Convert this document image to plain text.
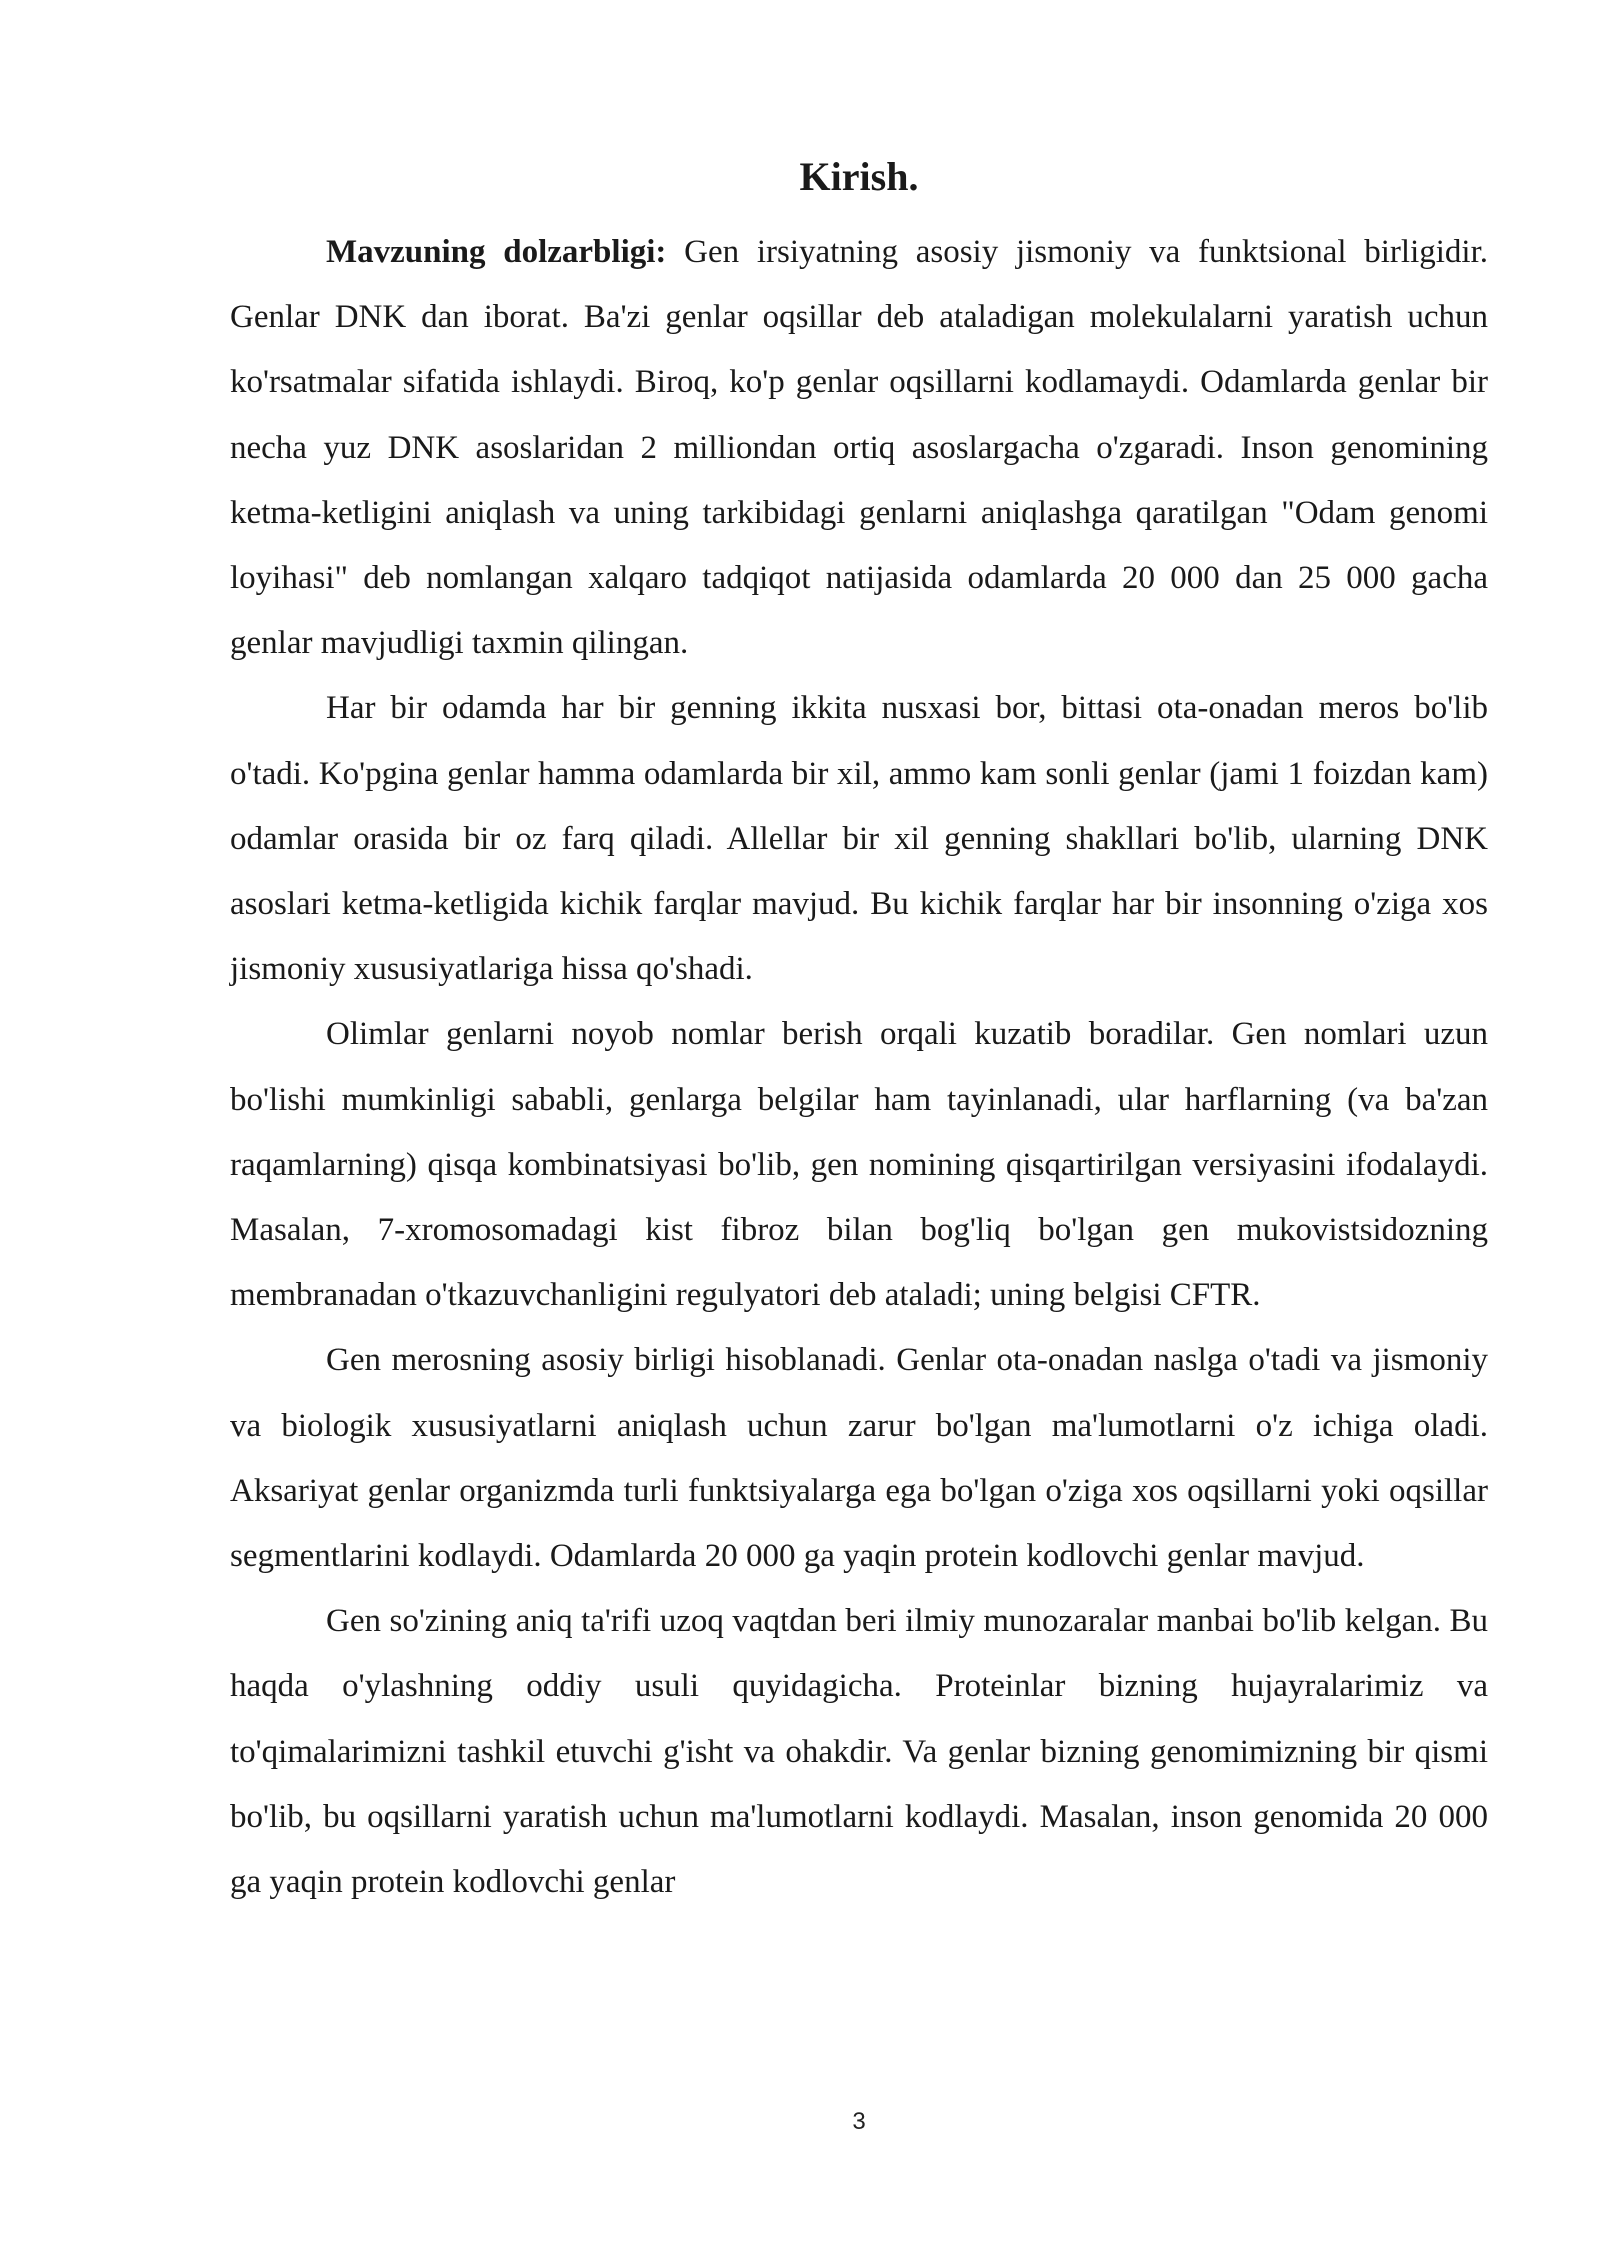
Kirish.

Mavzuning dolzarbligi: Gen irsiyatning asosiy jismoniy va funktsional birligidir. Genlar DNK dan iborat. Ba'zi genlar oqsillar deb ataladigan molekulalarni yaratish uchun ko'rsatmalar sifatida ishlaydi. Biroq, ko'p genlar oqsillarni kodlamaydi. Odamlarda genlar bir necha yuz DNK asoslaridan 2 milliondan ortiq asoslargacha o'zgaradi. Inson genomining ketma-ketligini aniqlash va uning tarkibidagi genlarni aniqlashga qaratilgan "Odam genomi loyihasi" deb nomlangan xalqaro tadqiqot natijasida odamlarda 20 000 dan 25 000 gacha genlar mavjudligi taxmin qilingan.

Har bir odamda har bir genning ikkita nusxasi bor, bittasi ota-onadan meros bo'lib o'tadi. Ko'pgina genlar hamma odamlarda bir xil, ammo kam sonli genlar (jami 1 foizdan kam) odamlar orasida bir oz farq qiladi. Allellar bir xil genning shakllari bo'lib, ularning DNK asoslari ketma-ketligida kichik farqlar mavjud. Bu kichik farqlar har bir insonning o'ziga xos jismoniy xususiyatlariga hissa qo'shadi.

Olimlar genlarni noyob nomlar berish orqali kuzatib boradilar. Gen nomlari uzun bo'lishi mumkinligi sababli, genlarga belgilar ham tayinlanadi, ular harflarning (va ba'zan raqamlarning) qisqa kombinatsiyasi bo'lib, gen nomining qisqartirilgan versiyasini ifodalaydi. Masalan, 7-xromosomadagi kist fibroz bilan bog'liq bo'lgan gen mukovistsidozning membranadan o'tkazuvchanligini regulyatori deb ataladi; uning belgisi CFTR.

Gen merosning asosiy birligi hisoblanadi. Genlar ota-onadan naslga o'tadi va jismoniy va biologik xususiyatlarni aniqlash uchun zarur bo'lgan ma'lumotlarni o'z ichiga oladi. Aksariyat genlar organizmda turli funktsiyalarga ega bo'lgan o'ziga xos oqsillarni yoki oqsillar segmentlarini kodlaydi. Odamlarda 20 000 ga yaqin protein kodlovchi genlar mavjud.

Gen so'zining aniq ta'rifi uzoq vaqtdan beri ilmiy munozaralar manbai bo'lib kelgan. Bu haqda o'ylashning oddiy usuli quyidagicha. Proteinlar bizning hujayralarimiz va to'qimalarimizni tashkil etuvchi g'isht va ohakdir. Va genlar bizning genomimizning bir qismi bo'lib, bu oqsillarni yaratish uchun ma'lumotlarni kodlaydi. Masalan, inson genomida 20 000 ga yaqin protein kodlovchi genlar

3
